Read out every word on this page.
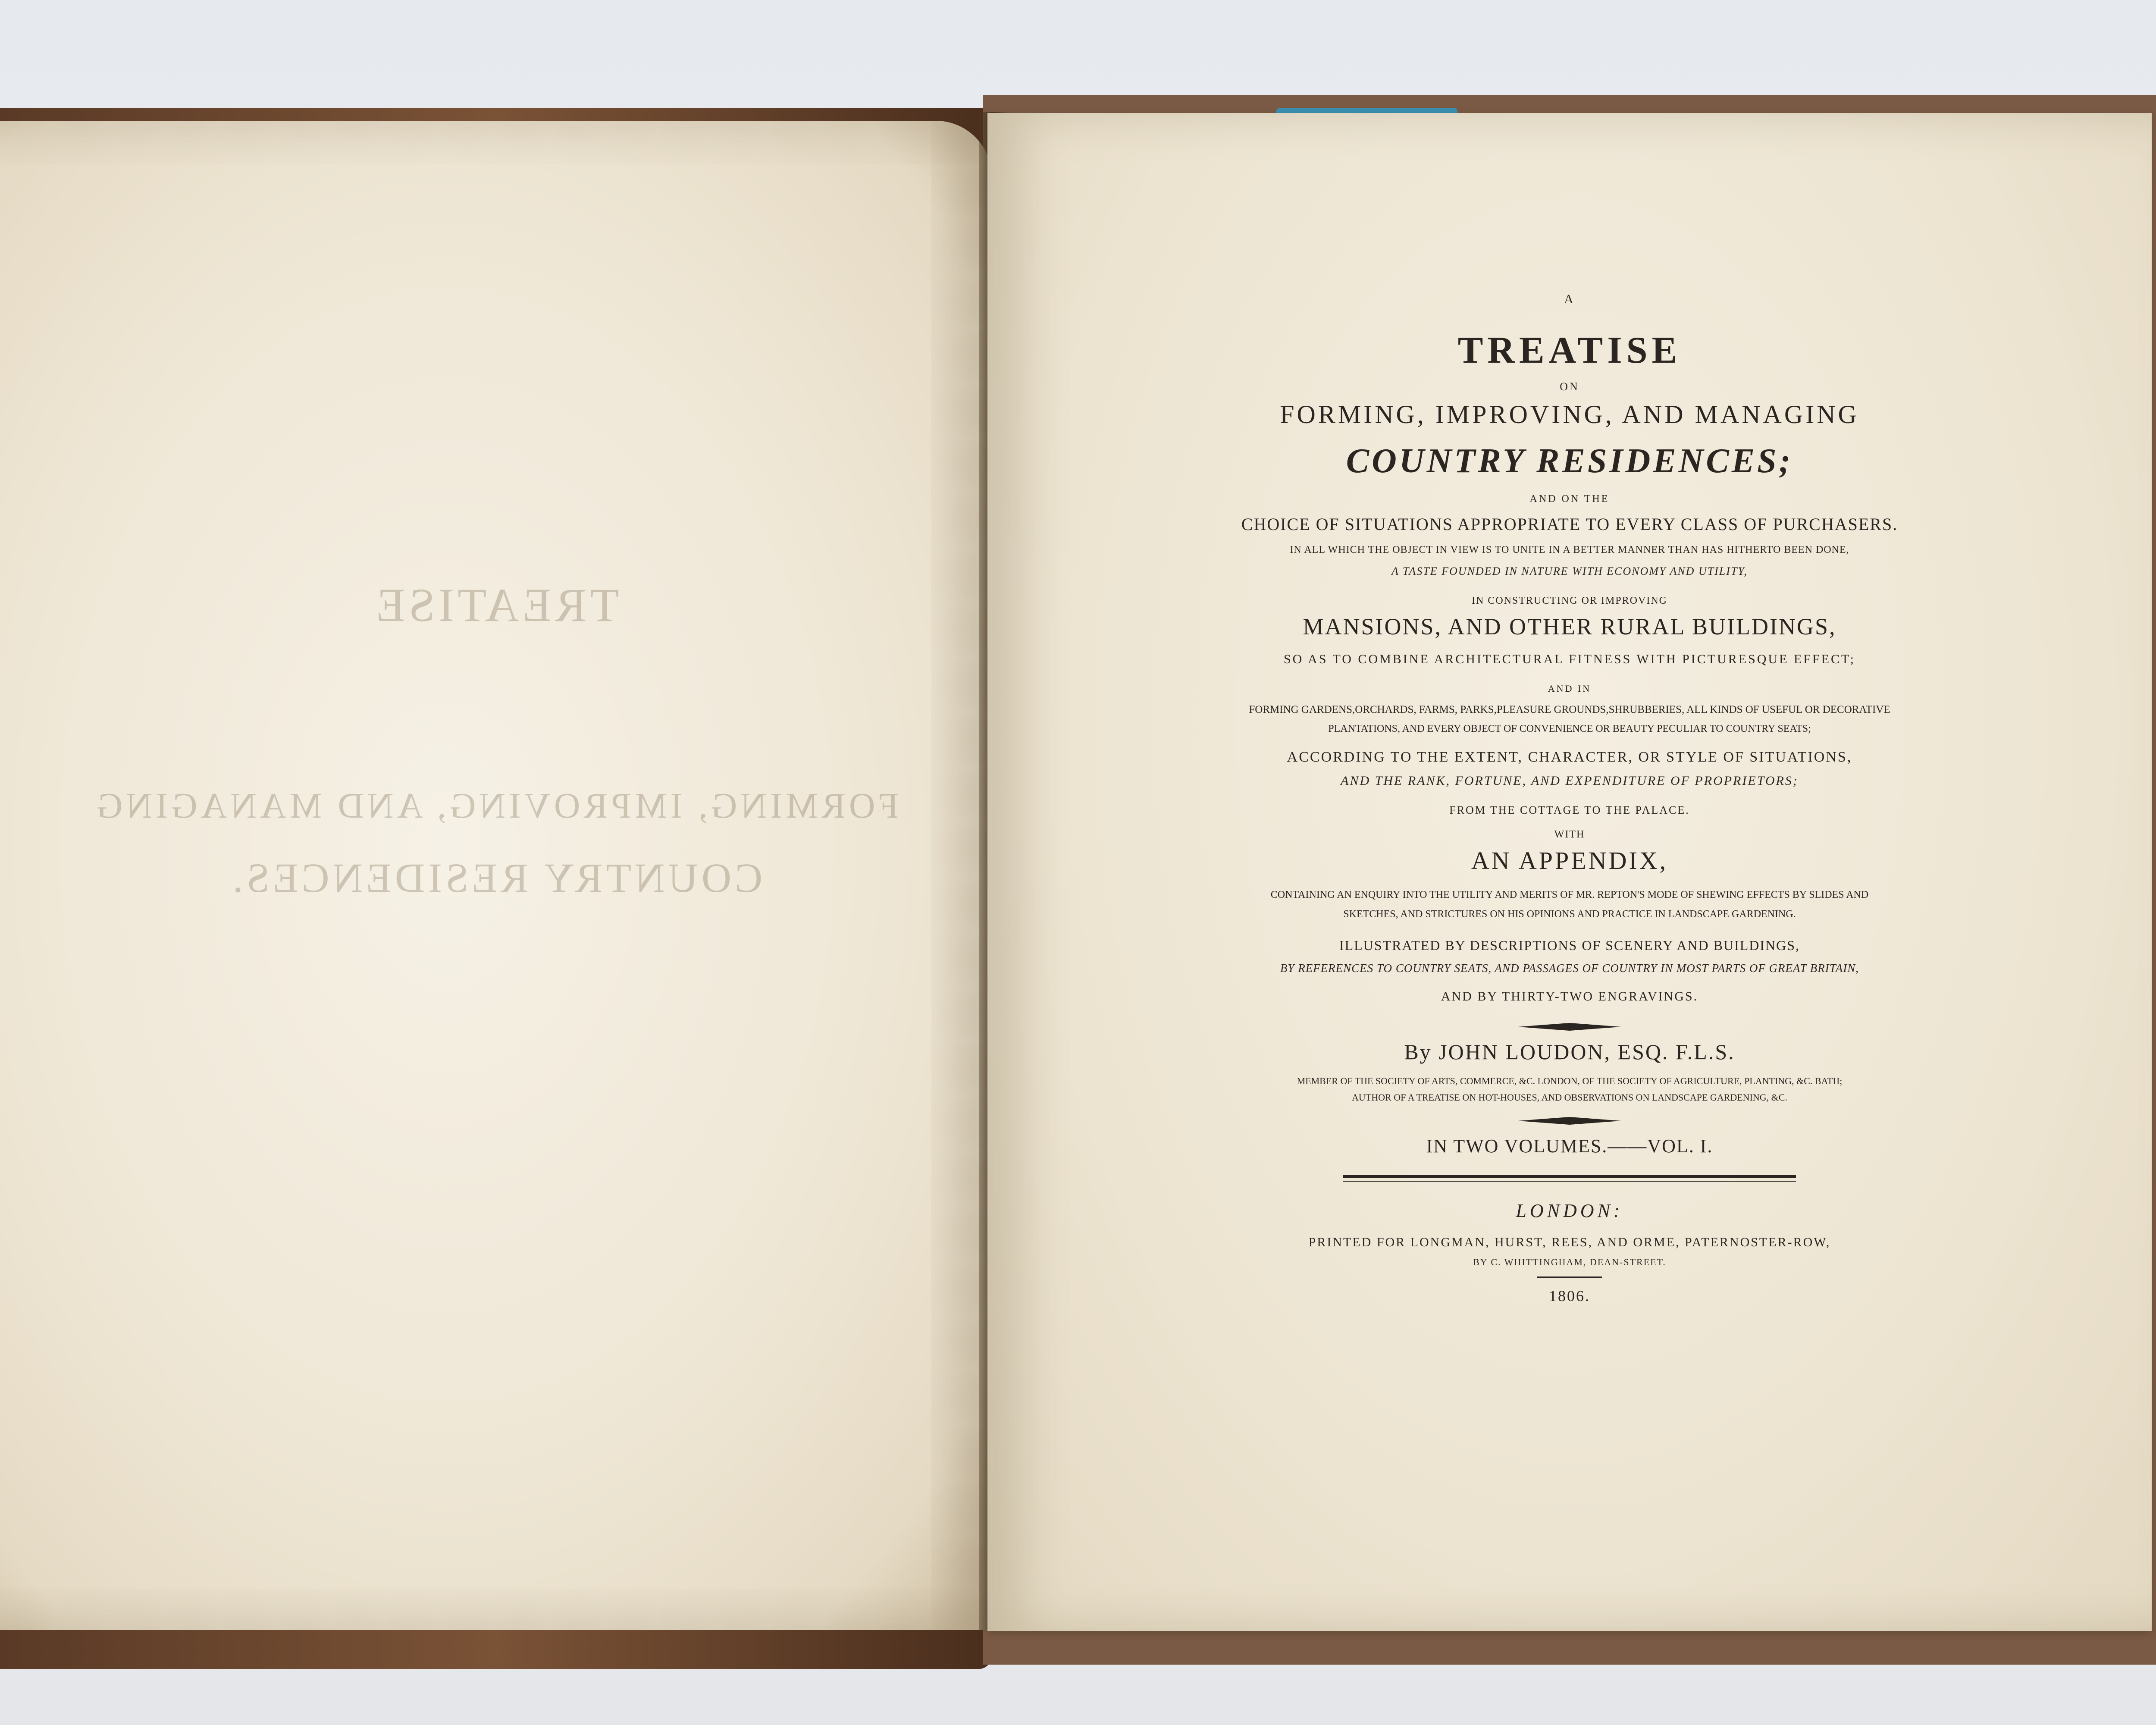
TREATISE
FORMING, IMPROVING, AND MANAGING
COUNTRY RESIDENCES.

A

TREATISE

ON

FORMING, IMPROVING, AND MANAGING

COUNTRY RESIDENCES;

AND ON THE

CHOICE OF SITUATIONS APPROPRIATE TO EVERY CLASS OF PURCHASERS.

IN ALL WHICH THE OBJECT IN VIEW IS TO UNITE IN A BETTER MANNER THAN HAS HITHERTO BEEN DONE,

A TASTE FOUNDED IN NATURE WITH ECONOMY AND UTILITY,

IN CONSTRUCTING OR IMPROVING

MANSIONS, AND OTHER RURAL BUILDINGS,

SO AS TO COMBINE ARCHITECTURAL FITNESS WITH PICTURESQUE EFFECT;

AND IN

FORMING GARDENS,ORCHARDS, FARMS, PARKS,PLEASURE GROUNDS,SHRUBBERIES, ALL KINDS OF USEFUL OR DECORATIVE

PLANTATIONS, AND EVERY OBJECT OF CONVENIENCE OR BEAUTY PECULIAR TO COUNTRY SEATS;

ACCORDING TO THE EXTENT, CHARACTER, OR STYLE OF SITUATIONS,

AND THE RANK, FORTUNE, AND EXPENDITURE OF PROPRIETORS;

FROM THE COTTAGE TO THE PALACE.

WITH

AN APPENDIX,

CONTAINING AN ENQUIRY INTO THE UTILITY AND MERITS OF MR. REPTON'S MODE OF SHEWING EFFECTS BY SLIDES AND

SKETCHES, AND STRICTURES ON HIS OPINIONS AND PRACTICE IN LANDSCAPE GARDENING.

ILLUSTRATED BY DESCRIPTIONS OF SCENERY AND BUILDINGS,

BY REFERENCES TO COUNTRY SEATS, AND PASSAGES OF COUNTRY IN MOST PARTS OF GREAT BRITAIN,

AND BY THIRTY-TWO ENGRAVINGS.

By JOHN LOUDON, ESQ. F.L.S.

MEMBER OF THE SOCIETY OF ARTS, COMMERCE, &C. LONDON, OF THE SOCIETY OF AGRICULTURE, PLANTING, &C. BATH;

AUTHOR OF A TREATISE ON HOT-HOUSES, AND OBSERVATIONS ON LANDSCAPE GARDENING, &C.

IN TWO VOLUMES.——VOL. I.

LONDON:

PRINTED FOR LONGMAN, HURST, REES, AND ORME, PATERNOSTER-ROW,

BY C. WHITTINGHAM, DEAN-STREET.

1806.
